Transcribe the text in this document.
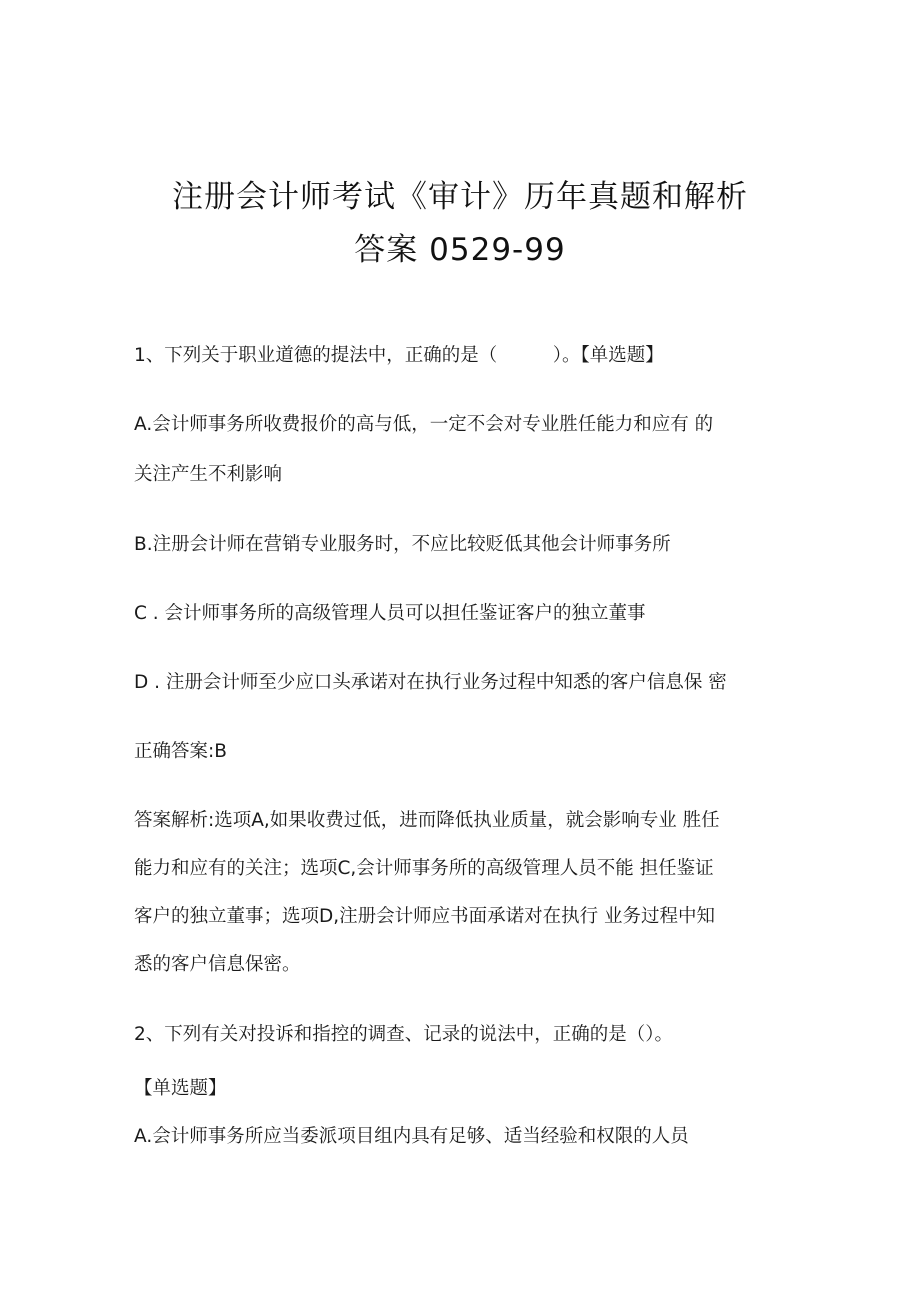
注册会计师考试《审计》历年真题和解析
答案 0529-99
1、下列关于职业道德的提法中，正确的是（　　　）。【单选题】
A.会计师事务所收费报价的高与低，一定不会对专业胜任能力和应有 的
关注产生不利影响
B.注册会计师在营销专业服务时，不应比较贬低其他会计师事务所
C . 会计师事务所的高级管理人员可以担任鉴证客户的独立董事
D . 注册会计师至少应口头承诺对在执行业务过程中知悉的客户信息保 密
正确答案:B
答案解析:选项A,如果收费过低，进而降低执业质量，就会影响专业 胜任
能力和应有的关注；选项C,会计师事务所的高级管理人员不能 担任鉴证
客户的独立董事；选项D,注册会计师应书面承诺对在执行 业务过程中知
悉的客户信息保密。
2、下列有关对投诉和指控的调查、记录的说法中，正确的是（）。
【单选题】
A.会计师事务所应当委派项目组内具有足够、适当经验和权限的人员
